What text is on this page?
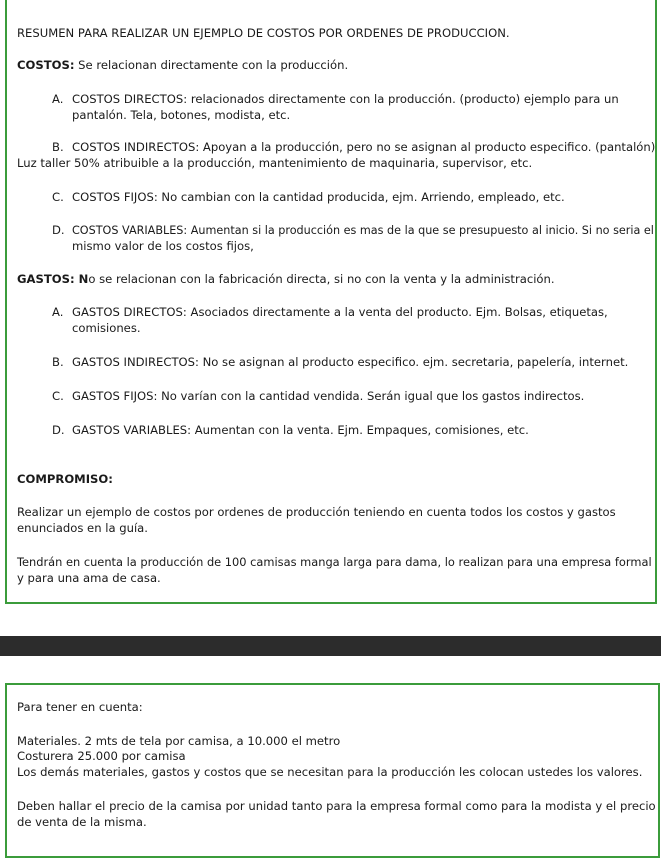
RESUMEN PARA REALIZAR UN EJEMPLO DE COSTOS POR ORDENES DE PRODUCCION.
COSTOS: Se relacionan directamente con la producción.
A. COSTOS DIRECTOS: relacionados directamente con la producción. (producto) ejemplo para un
pantalón. Tela, botones, modista, etc.
B. COSTOS INDIRECTOS: Apoyan a la producción, pero no se asignan al producto especifico. (pantalón)
Luz taller 50% atribuible a la producción, mantenimiento de maquinaria, supervisor, etc.
C. COSTOS FIJOS: No cambian con la cantidad producida, ejm. Arriendo, empleado, etc.
D. COSTOS VARIABLES: Aumentan si la producción es mas de la que se presupuesto al inicio. Si no seria el
mismo valor de los costos fijos,
GASTOS: No se relacionan con la fabricación directa, si no con la venta y la administración.
A. GASTOS DIRECTOS: Asociados directamente a la venta del producto. Ejm. Bolsas, etiquetas,
comisiones.
B. GASTOS INDIRECTOS: No se asignan al producto especifico. ejm. secretaria, papelería, internet.
C. GASTOS FIJOS: No varían con la cantidad vendida. Serán igual que los gastos indirectos.
D. GASTOS VARIABLES: Aumentan con la venta. Ejm. Empaques, comisiones, etc.
COMPROMISO:
Realizar un ejemplo de costos por ordenes de producción teniendo en cuenta todos los costos y gastos
enunciados en la guía.
Tendrán en cuenta la producción de 100 camisas manga larga para dama, lo realizan para una empresa formal
y para una ama de casa.
Para tener en cuenta:
Materiales. 2 mts de tela por camisa, a 10.000 el metro
Costurera 25.000 por camisa
Los demás materiales, gastos y costos que se necesitan para la producción les colocan ustedes los valores.
Deben hallar el precio de la camisa por unidad tanto para la empresa formal como para la modista y el precio
de venta de la misma.
